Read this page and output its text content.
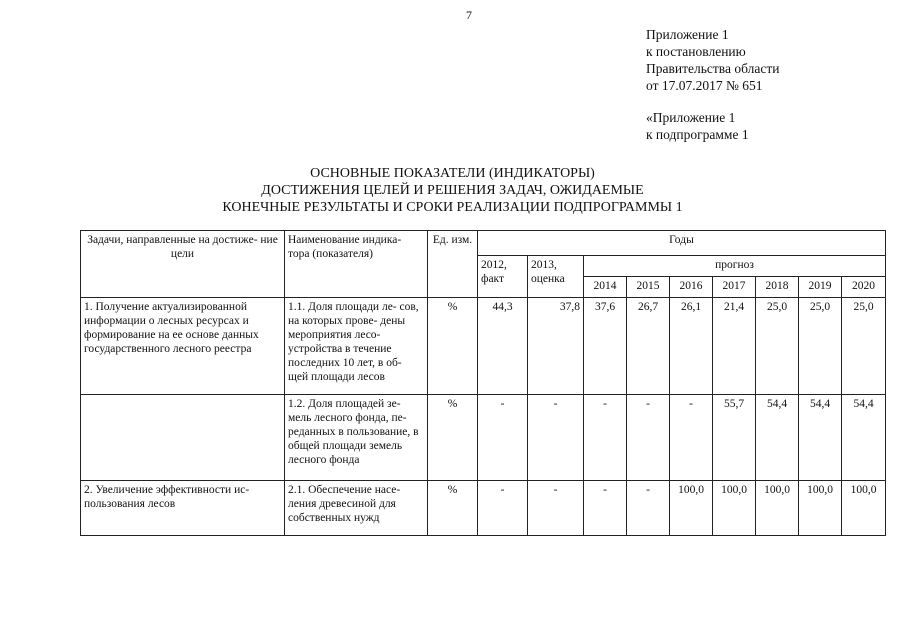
7
Приложение 1
к постановлению
Правительства области
от 17.07.2017 № 651
«Приложение 1
к подпрограмме 1
ОСНОВНЫЕ ПОКАЗАТЕЛИ (ИНДИКАТОРЫ)
ДОСТИЖЕНИЯ ЦЕЛЕЙ И РЕШЕНИЯ ЗАДАЧ, ОЖИДАЕМЫЕ
КОНЕЧНЫЕ РЕЗУЛЬТАТЫ И СРОКИ РЕАЛИЗАЦИИ ПОДПРОГРАММЫ 1
Задачи, направленные на достиже- ние цели	Наименование индика- тора (показателя)	Ед. изм.	Годы								
			2012, факт	2013, оценка	прогноз						
					2014	2015	2016	2017	2018	2019	2020
1. Получение актуализированной информации о лесных ресурсах и формирование на ее основе данных государственного лесного реестра	1.1. Доля площади ле- сов, на которых прове- дены мероприятия лесо- устройства в течение последних 10 лет, в об- щей площади лесов	%	44,3	37,8	37,6	26,7	26,1	21,4	25,0	25,0	25,0
	1.2. Доля площадей зе- мель лесного фонда, пе- реданных в пользование, в общей площади земель лесного фонда	%	-	-	-	-	-	55,7	54,4	54,4	54,4
2. Увеличение эффективности ис- пользования лесов	2.1. Обеспечение насе- ления древесиной для собственных нужд	%	-	-	-	-	100,0	100,0	100,0	100,0	100,0
